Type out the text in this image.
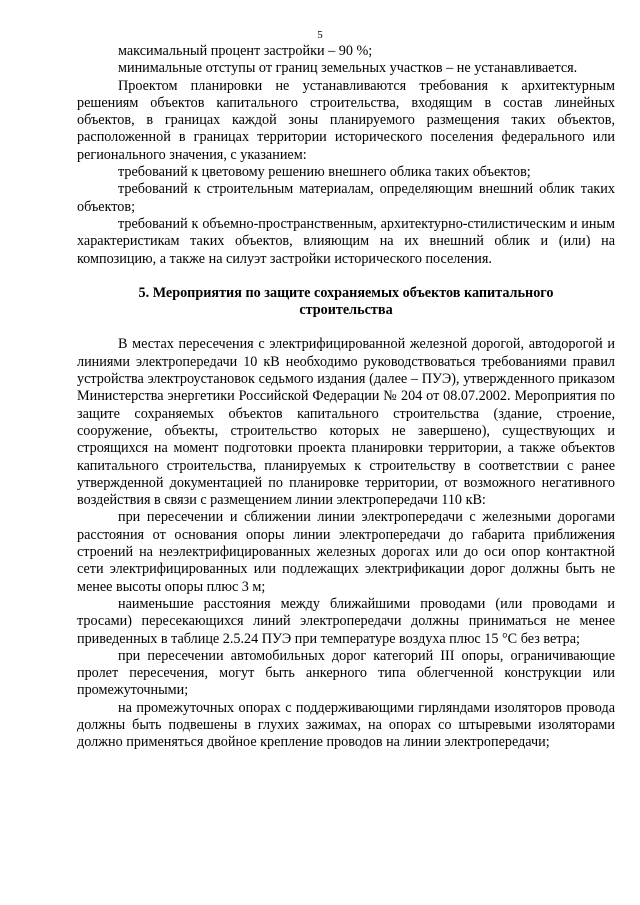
5

максимальный процент застройки – 90 %;

минимальные отступы от границ земельных участков – не устанавливается.

Проектом планировки не устанавливаются требования к архитектурным решениям объектов капитального строительства, входящим в состав линейных объектов, в границах каждой зоны планируемого размещения таких объектов, расположенной в границах территории исторического поселения федерального или регионального значения, с указанием:

требований к цветовому решению внешнего облика таких объектов;

требований к строительным материалам, определяющим внешний облик таких объектов;

требований к объемно-пространственным, архитектурно-стилистическим и иным характеристикам таких объектов, влияющим на их внешний облик и (или) на композицию, а также на силуэт застройки исторического поселения.

5. Мероприятия по защите сохраняемых объектов капитального
строительства

В местах пересечения с электрифицированной железной дорогой, автодорогой и линиями электропередачи 10 кВ необходимо руководствоваться требованиями правил устройства электроустановок седьмого издания (далее – ПУЭ), утвержденного приказом Министерства энергетики Российской Федерации № 204 от 08.07.2002. Мероприятия по защите сохраняемых объектов капитального строительства (здание, строение, сооружение, объекты, строительство которых не завершено), существующих и строящихся на момент подготовки проекта планировки территории, а также объектов капитального строительства, планируемых к строительству в соответствии с ранее утвержденной документацией по планировке территории, от возможного негативного воздействия в связи с размещением линии электропередачи 110 кВ:

при пересечении и сближении линии электропередачи с железными дорогами расстояния от основания опоры линии электропередачи до габарита приближения строений на неэлектрифицированных железных дорогах или до оси опор контактной сети электрифицированных или подлежащих электрификации дорог должны быть не менее высоты опоры плюс 3 м;

наименьшие расстояния между ближайшими проводами (или проводами и тросами) пересекающихся линий электропередачи должны приниматься не менее приведенных в таблице 2.5.24 ПУЭ при температуре воздуха плюс 15 °С без ветра;

при пересечении автомобильных дорог категорий III опоры, ограничивающие пролет пересечения, могут быть анкерного типа облегченной конструкции или промежуточными;

на промежуточных опорах с поддерживающими гирляндами изоляторов провода должны быть подвешены в глухих зажимах, на опорах со штыревыми изоляторами должно применяться двойное крепление проводов на линии электропередачи;
